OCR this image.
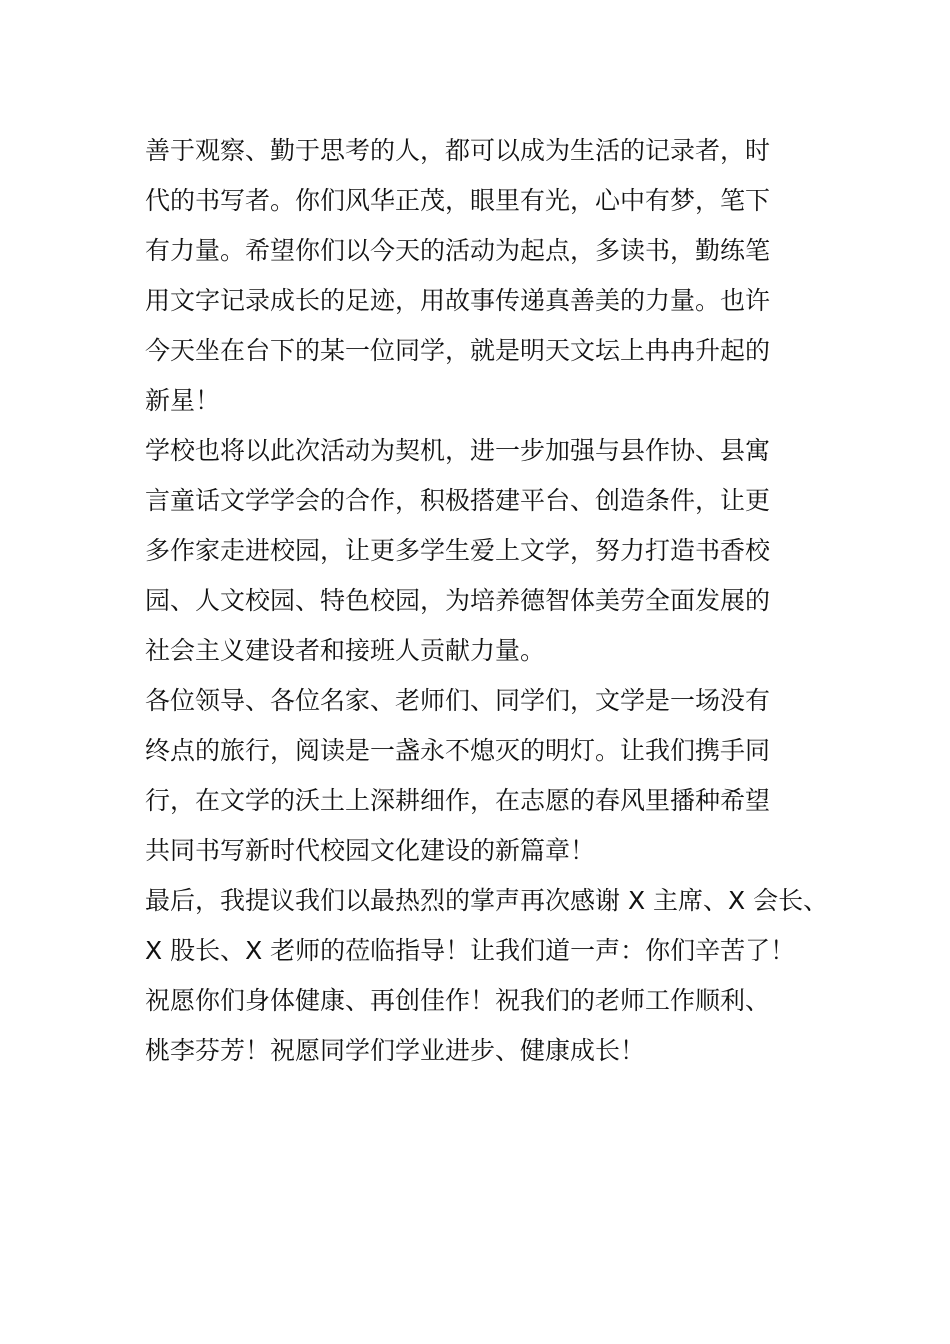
善于观察、勤于思考的人，都可以成为生活的记录者，时
代的书写者。你们风华正茂，眼里有光，心中有梦，笔下
有力量。希望你们以今天的活动为起点，多读书，勤练笔
用文字记录成长的足迹，用故事传递真善美的力量。也许
今天坐在台下的某一位同学，就是明天文坛上冉冉升起的
新星！
学校也将以此次活动为契机，进一步加强与县作协、县寓
言童话文学学会的合作，积极搭建平台、创造条件，让更
多作家走进校园，让更多学生爱上文学，努力打造书香校
园、人文校园、特色校园，为培养德智体美劳全面发展的
社会主义建设者和接班人贡献力量。
各位领导、各位名家、老师们、同学们，文学是一场没有
终点的旅行，阅读是一盏永不熄灭的明灯。让我们携手同
行，在文学的沃土上深耕细作，在志愿的春风里播种希望
共同书写新时代校园文化建设的新篇章！
最后，我提议我们以最热烈的掌声再次感谢 X 主席、X 会长、
X 股长、X 老师的莅临指导！让我们道一声：你们辛苦了！
祝愿你们身体健康、再创佳作！祝我们的老师工作顺利、
桃李芬芳！祝愿同学们学业进步、健康成长！
